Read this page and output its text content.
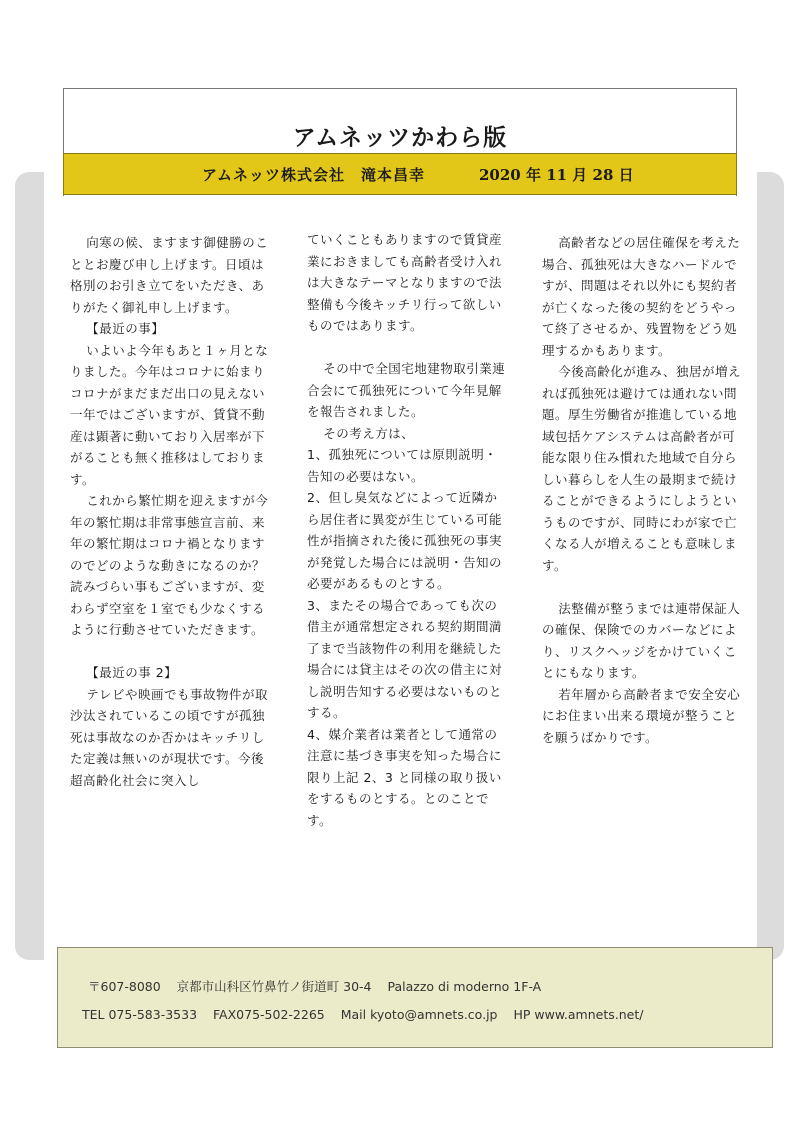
アムネッツかわら版
アムネッツ株式会社　滝本昌幸	2020 年 11 月 28 日

向寒の候、ますます御健勝のこととお慶び申し上げます。日頃は格別のお引き立てをいただき、ありがたく御礼申し上げます。

【最近の事】

いよいよ今年もあと１ヶ月となりました。今年はコロナに始まりコロナがまだまだ出口の見えない一年ではございますが、賃貸不動産は顕著に動いており入居率が下がることも無く推移はしております。

これから繁忙期を迎えますが今年の繁忙期は非常事態宣言前、来年の繁忙期はコロナ禍となりますのでどのような動きになるのか？読みづらい事もございますが、変わらず空室を１室でも少なくするように行動させていただきます。

【最近の事 2】

テレビや映画でも事故物件が取沙汰されているこの頃ですが孤独死は事故なのか否かはキッチリした定義は無いのが現状です。今後超高齢化社会に突入し

ていくこともありますので賃貸産業におきましても高齢者受け入れは大きなテーマとなりますので法整備も今後キッチリ行って欲しいものではあります。

その中で全国宅地建物取引業連合会にて孤独死について今年見解を報告されました。

その考え方は、

1、孤独死については原則説明・告知の必要はない。

2、但し臭気などによって近隣から居住者に異変が生じている可能性が指摘された後に孤独死の事実が発覚した場合には説明・告知の必要があるものとする。

3、またその場合であっても次の借主が通常想定される契約期間満了まで当該物件の利用を継続した場合には貸主はその次の借主に対し説明告知する必要はないものとする。

4、媒介業者は業者として通常の注意に基づき事実を知った場合に限り上記 2、3 と同様の取り扱いをするものとする。とのことです。

高齢者などの居住確保を考えた場合、孤独死は大きなハードルですが、問題はそれ以外にも契約者が亡くなった後の契約をどうやって終了させるか、残置物をどう処理するかもあります。

今後高齢化が進み、独居が増えれば孤独死は避けては通れない問題。厚生労働省が推進している地域包括ケアシステムは高齢者が可能な限り住み慣れた地域で自分らしい暮らしを人生の最期まで続けることができるようにしようというものですが、同時にわが家で亡くなる人が増えることも意味します。

法整備が整うまでは連帯保証人の確保、保険でのカバーなどにより、リスクヘッジをかけていくことにもなります。

若年層から高齢者まで安全安心にお住まい出来る環境が整うことを願うばかりです。

〒607-8080 京都市山科区竹鼻竹ノ街道町 30-4 Palazzo di moderno 1F-A
TEL 075-583-3533 FAX075-502-2265 Mail kyoto@amnets.co.jp HP www.amnets.net/
